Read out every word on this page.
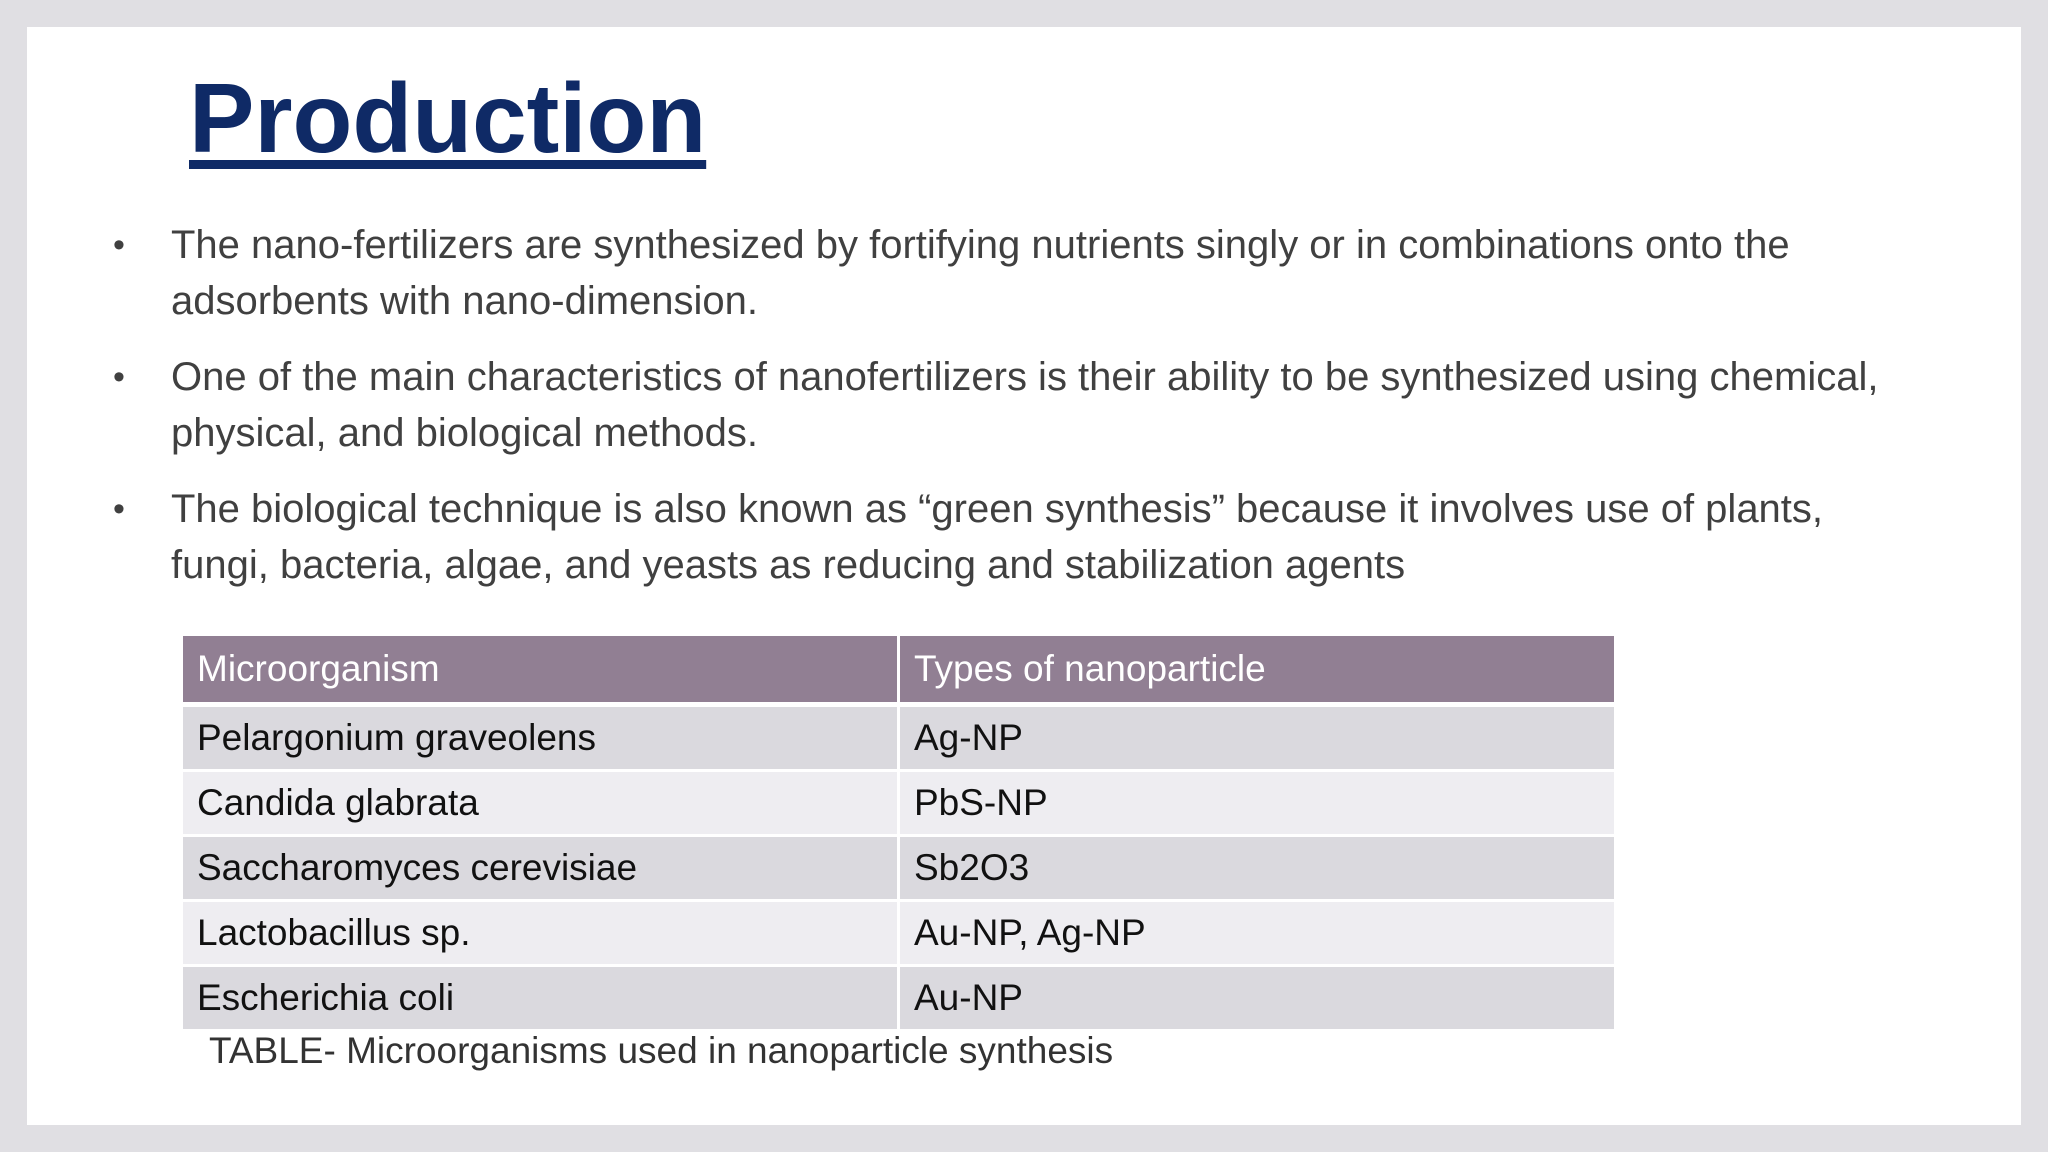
Production
• The nano-fertilizers are synthesized by fortifying nutrients singly or in combinations onto the adsorbents with nano-dimension.
• One of the main characteristics of nanofertilizers is their ability to be synthesized using chemical, physical, and biological methods.
• The biological technique is also known as “green synthesis” because it involves use of plants, fungi, bacteria, algae, and yeasts as reducing and stabilization agents
Microorganism	Types of nanoparticle
Pelargonium graveolens	Ag-NP
Candida glabrata	PbS-NP
Saccharomyces cerevisiae	Sb2O3
Lactobacillus sp.	Au-NP, Ag-NP
Escherichia coli	Au-NP
TABLE- Microorganisms used in nanoparticle synthesis
